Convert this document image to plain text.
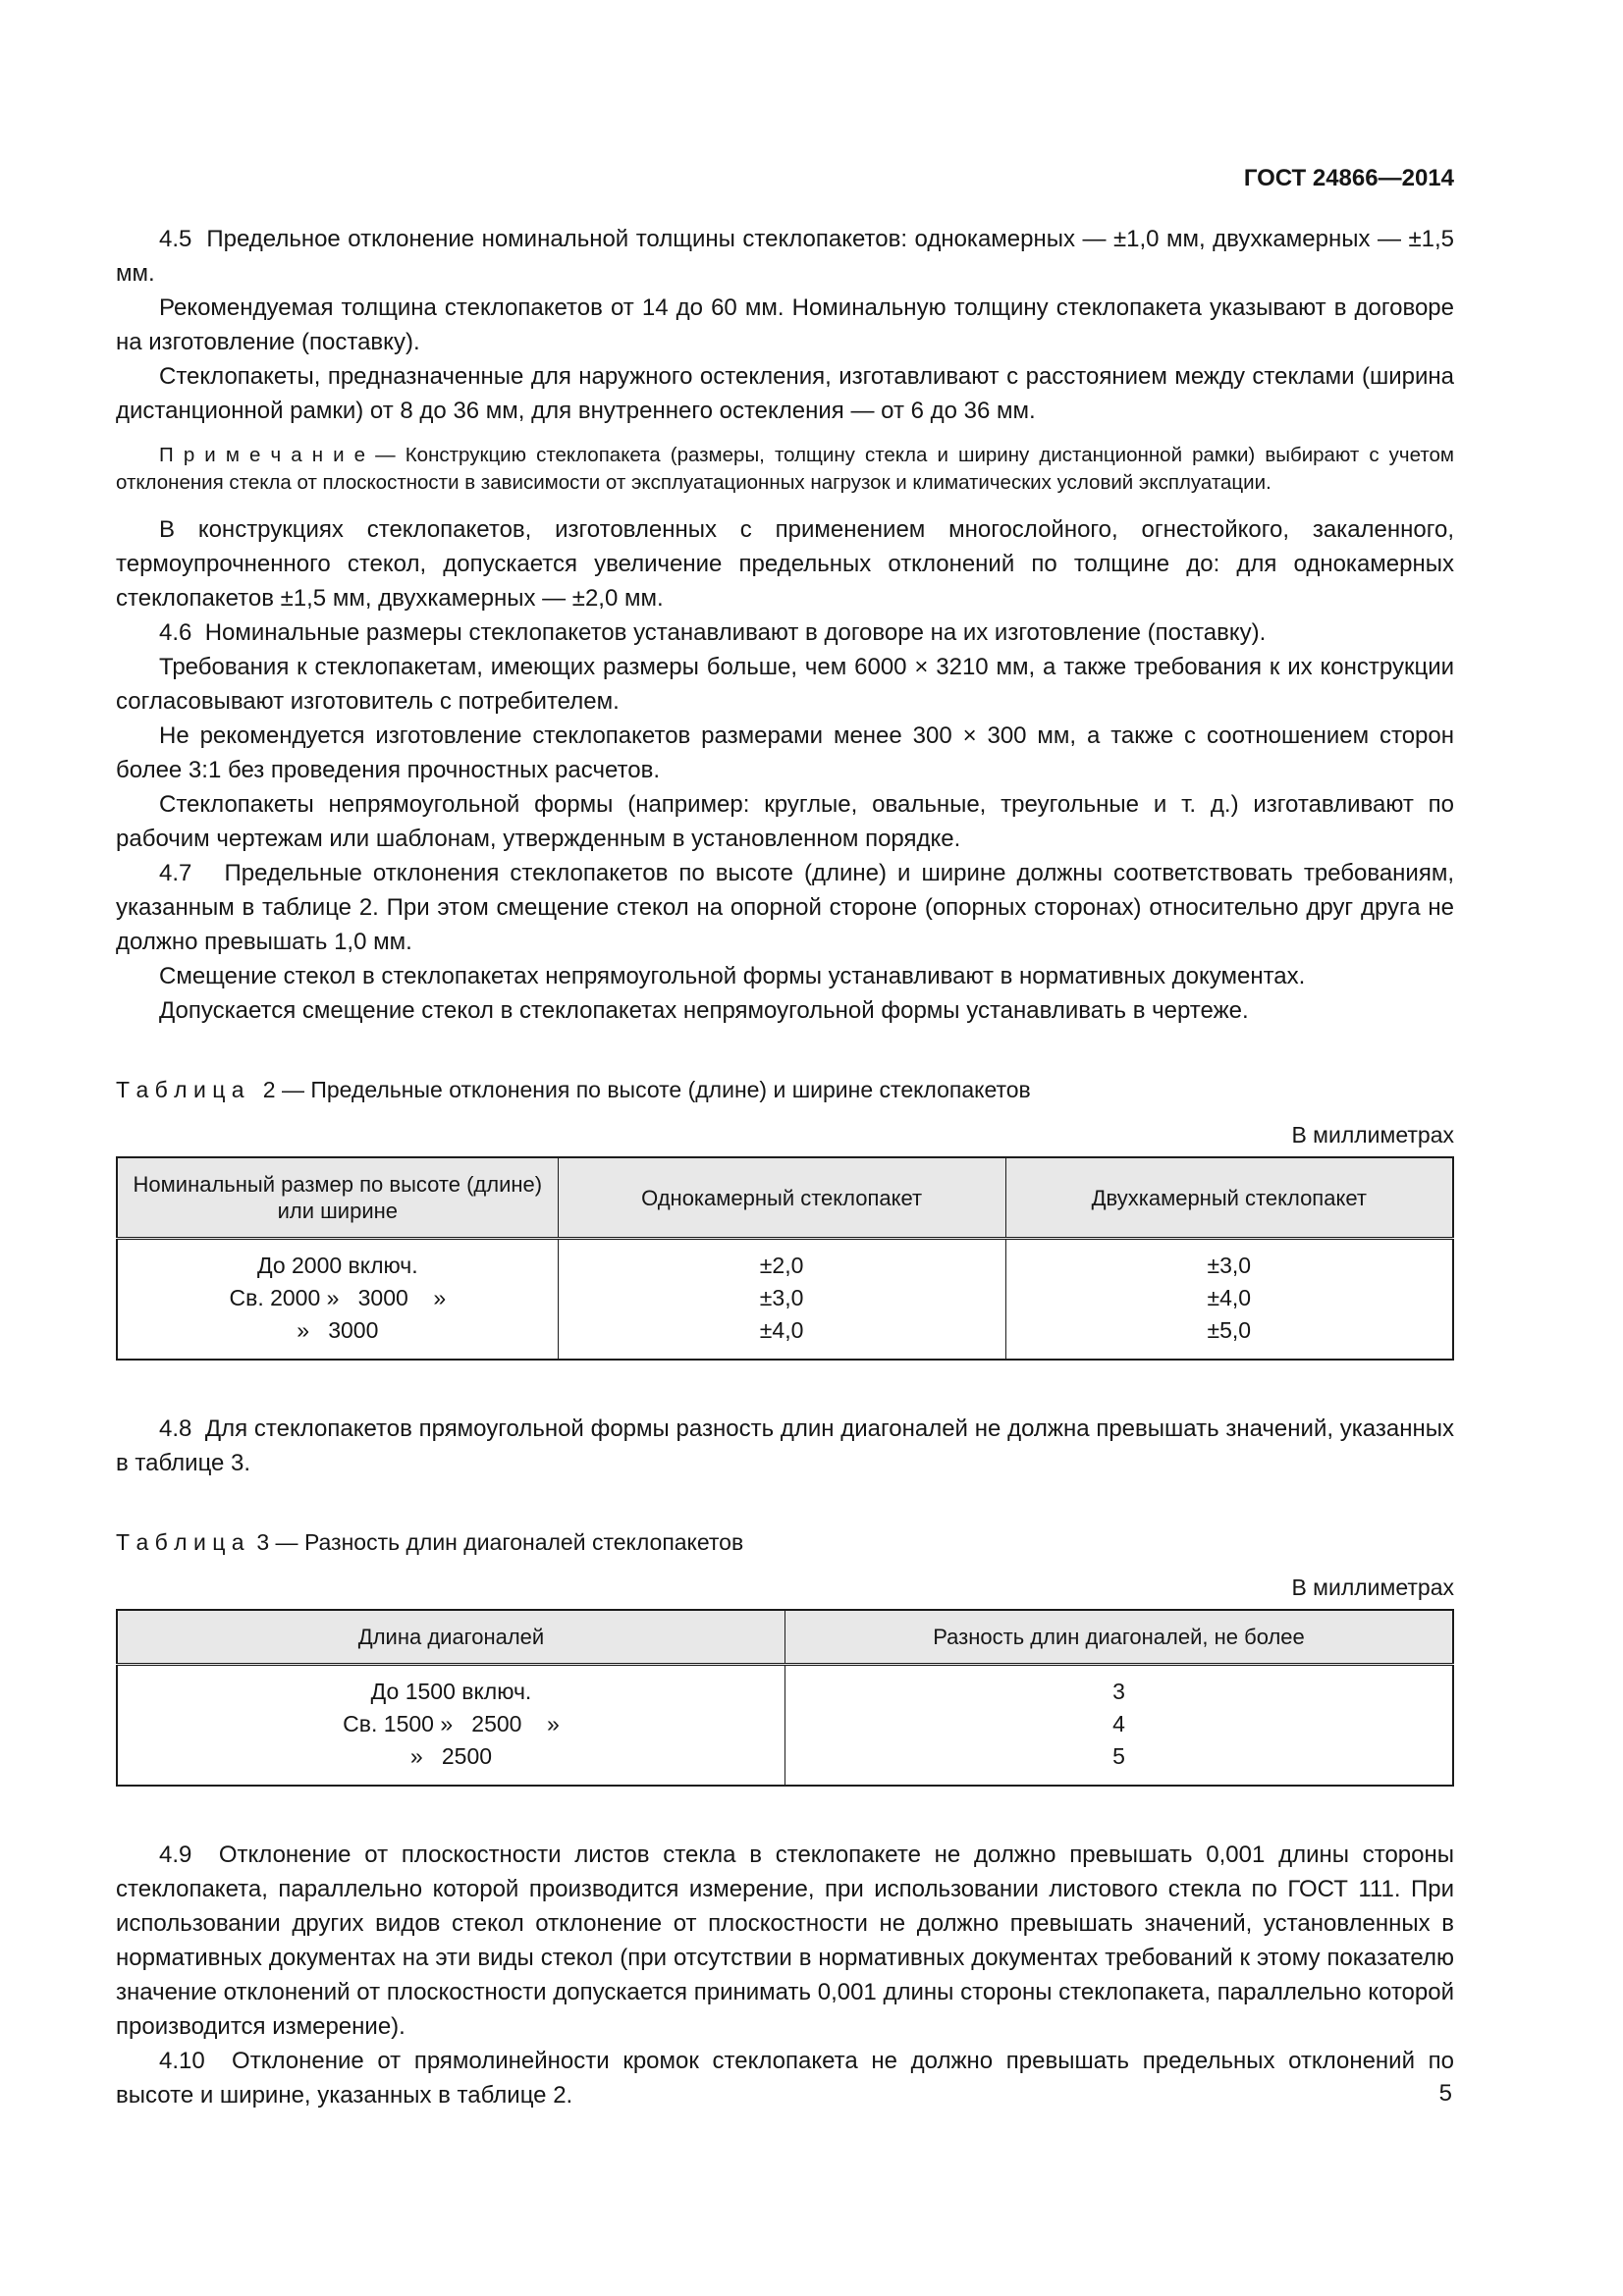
ГОСТ 24866—2014

4.5  Предельное отклонение номинальной толщины стеклопакетов: однокамерных — ±1,0 мм, двухкамерных — ±1,5 мм.

Рекомендуемая толщина стеклопакетов от 14 до 60 мм. Номинальную толщину стеклопакета указывают в договоре на изготовление (поставку).

Стеклопакеты, предназначенные для наружного остекления, изготавливают с расстоянием между стеклами (ширина дистанционной рамки) от 8 до 36 мм, для внутреннего остекления — от 6 до 36 мм.

П р и м е ч а н и е — Конструкцию стеклопакета (размеры, толщину стекла и ширину дистанционной рамки) выбирают с учетом отклонения стекла от плоскостности в зависимости от эксплуатационных нагрузок и климатических условий эксплуатации.

В конструкциях стеклопакетов, изготовленных с применением многослойного, огнестойкого, закаленного, термоупрочненного стекол, допускается увеличение предельных отклонений по толщине до: для однокамерных стеклопакетов ±1,5 мм, двухкамерных — ±2,0 мм.

4.6  Номинальные размеры стеклопакетов устанавливают в договоре на их изготовление (поставку).

Требования к стеклопакетам, имеющих размеры больше, чем 6000 × 3210 мм, а также требования к их конструкции согласовывают изготовитель с потребителем.

Не рекомендуется изготовление стеклопакетов размерами менее 300 × 300 мм, а также с соотношением сторон более 3:1 без проведения прочностных расчетов.

Стеклопакеты непрямоугольной формы (например: круглые, овальные, треугольные и т. д.) изготавливают по рабочим чертежам или шаблонам, утвержденным в установленном порядке.

4.7   Предельные отклонения стеклопакетов по высоте (длине) и ширине должны соответствовать требованиям, указанным в таблице 2. При этом смещение стекол на опорной стороне (опорных сторонах) относительно друг друга не должно превышать 1,0 мм.

Смещение стекол в стеклопакетах непрямоугольной формы устанавливают в нормативных документах.

Допускается смещение стекол в стеклопакетах непрямоугольной формы устанавливать в чертеже.

Т а б л и ц а   2 — Предельные отклонения по высоте (длине) и ширине стеклопакетов

В миллиметрах

Номинальный размер по высоте (длине) или ширине	Однокамерный стеклопакет	Двухкамерный стеклопакет
До 2000 включ.	±2,0	±3,0
Св. 2000 »   3000    »	±3,0	±4,0
»   3000	±4,0	±5,0

4.8  Для стеклопакетов прямоугольной формы разность длин диагоналей не должна превышать значений, указанных в таблице 3.

Т а б л и ц а  3 — Разность длин диагоналей стеклопакетов

В миллиметрах

Длина диагоналей	Разность длин диагоналей, не более
До 1500 включ.	3
Св. 1500 »   2500    »	4
»   2500	5

4.9  Отклонение от плоскостности листов стекла в стеклопакете не должно превышать 0,001 длины стороны стеклопакета, параллельно которой производится измерение, при использовании листового стекла по ГОСТ 111. При использовании других видов стекол отклонение от плоскостности не должно превышать значений, установленных в нормативных документах на эти виды стекол (при отсутствии в нормативных документах требований к этому показателю значение отклонений от плоскостности допускается принимать 0,001 длины стороны стеклопакета, параллельно которой производится измерение).

4.10  Отклонение от прямолинейности кромок стеклопакета не должно превышать предельных отклонений по высоте и ширине, указанных в таблице 2.	5
